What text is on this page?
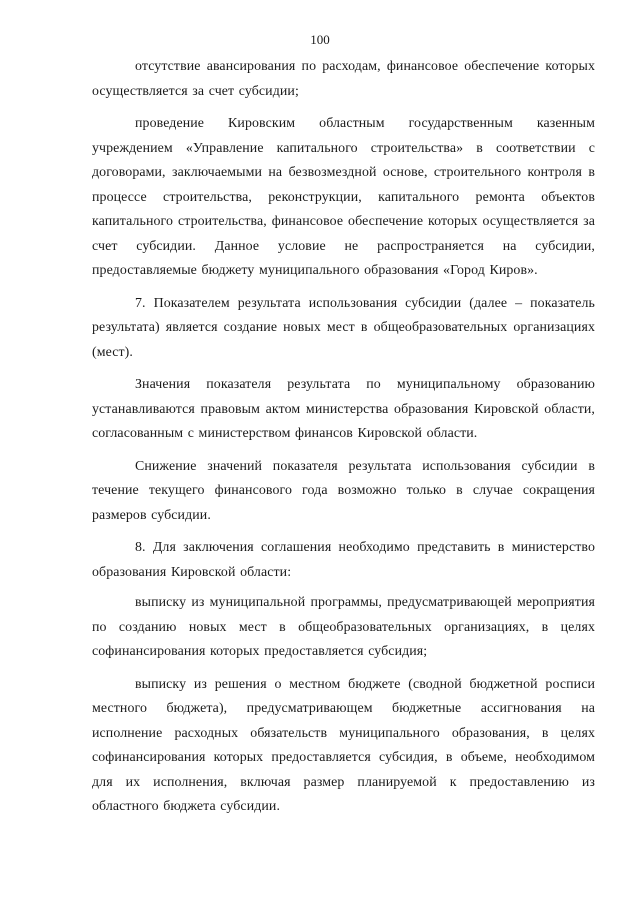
100

отсутствие авансирования по расходам, финансовое обеспечение которых осуществляется за счет субсидии;

проведение Кировским областным государственным казенным учреждением «Управление капитального строительства» в соответствии с договорами, заключаемыми на безвозмездной основе, строительного контроля в процессе строительства, реконструкции, капитального ремонта объектов капитального строительства, финансовое обеспечение которых осуществляется за счет субсидии. Данное условие не распространяется на субсидии, предоставляемые бюджету муниципального образования «Город Киров».

7. Показателем результата использования субсидии (далее – показатель результата) является создание новых мест в общеобразовательных организациях (мест).

Значения показателя результата по муниципальному образованию устанавливаются правовым актом министерства образования Кировской области, согласованным с министерством финансов Кировской области.

Снижение значений показателя результата использования субсидии в течение текущего финансового года возможно только в случае сокращения размеров субсидии.

8. Для заключения соглашения необходимо представить в министерство образования Кировской области:

выписку из муниципальной программы, предусматривающей мероприятия по созданию новых мест в общеобразовательных организациях, в целях софинансирования которых предоставляется субсидия;

выписку из решения о местном бюджете (сводной бюджетной росписи местного бюджета), предусматривающем бюджетные ассигнования на исполнение расходных обязательств муниципального образования, в целях софинансирования которых предоставляется субсидия, в объеме, необходимом для их исполнения, включая размер планируемой к предоставлению из областного бюджета субсидии.
